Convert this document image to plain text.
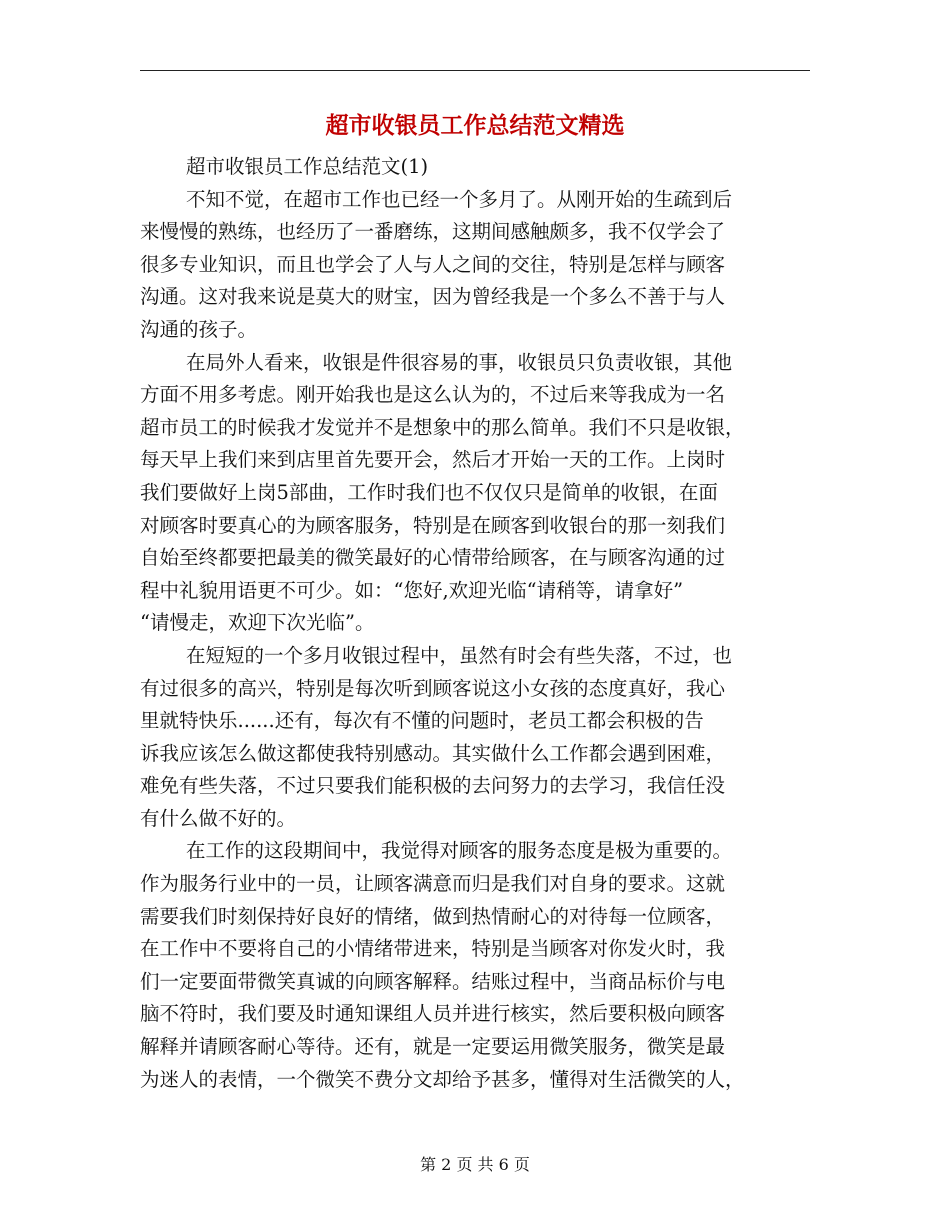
超市收银员工作总结范文精选
超市收银员工作总结范文(1)
不知不觉，在超市工作也已经一个多月了。从刚开始的生疏到后
来慢慢的熟练，也经历了一番磨练，这期间感触颇多，我不仅学会了
很多专业知识，而且也学会了人与人之间的交往，特别是怎样与顾客
沟通。这对我来说是莫大的财宝，因为曾经我是一个多么不善于与人
沟通的孩子。
在局外人看来，收银是件很容易的事，收银员只负责收银，其他
方面不用多考虑。刚开始我也是这么认为的，不过后来等我成为一名
超市员工的时候我才发觉并不是想象中的那么简单。我们不只是收银，
每天早上我们来到店里首先要开会，然后才开始一天的工作。上岗时
我们要做好上岗5部曲，工作时我们也不仅仅只是简单的收银，在面
对顾客时要真心的为顾客服务，特别是在顾客到收银台的那一刻我们
自始至终都要把最美的微笑最好的心情带给顾客，在与顾客沟通的过
程中礼貌用语更不可少。如：“您好,欢迎光临“请稍等，请拿好”
“请慢走，欢迎下次光临”。
在短短的一个多月收银过程中，虽然有时会有些失落，不过，也
有过很多的高兴，特别是每次听到顾客说这小女孩的态度真好，我心
里就特快乐......还有，每次有不懂的问题时，老员工都会积极的告
诉我应该怎么做这都使我特别感动。其实做什么工作都会遇到困难，
难免有些失落，不过只要我们能积极的去问努力的去学习，我信任没
有什么做不好的。
在工作的这段期间中，我觉得对顾客的服务态度是极为重要的。
作为服务行业中的一员，让顾客满意而归是我们对自身的要求。这就
需要我们时刻保持好良好的情绪，做到热情耐心的对待每一位顾客，
在工作中不要将自己的小情绪带进来，特别是当顾客对你发火时，我
们一定要面带微笑真诚的向顾客解释。结账过程中，当商品标价与电
脑不符时，我们要及时通知课组人员并进行核实，然后要积极向顾客
解释并请顾客耐心等待。还有，就是一定要运用微笑服务，微笑是最
为迷人的表情，一个微笑不费分文却给予甚多，懂得对生活微笑的人，
第 2 页 共 6 页
